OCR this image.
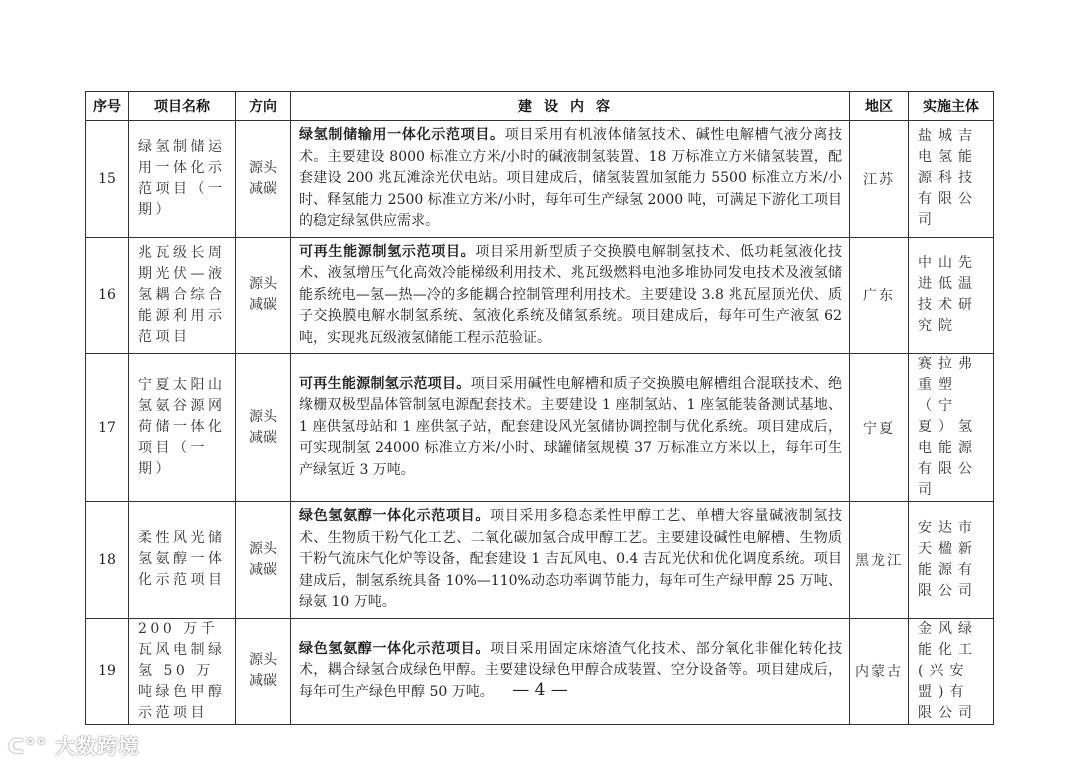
序号	项目名称	方向	建设内容	地区	实施主体
15	绿氢制储运用一体化示范项目（一期）	源头减碳	绿氢制储输用一体化示范项目。项目采用有机液体储氢技术、碱性电解槽气液分离技术。主要建设 8000 标准立方米/小时的碱液制氢装置、18 万标准立方米储氢装置，配套建设 200 兆瓦滩涂光伏电站。项目建成后，储氢装置加氢能力 5500 标准立方米/小时、释氢能力 2500 标准立方米/小时，每年可生产绿氢 2000 吨，可满足下游化工项目的稳定绿氢供应需求。	江苏	盐城吉电氢能源科技有限公司
16	兆瓦级长周期光伏—液氢耦合综合能源利用示范项目	源头减碳	可再生能源制氢示范项目。项目采用新型质子交换膜电解制氢技术、低功耗氢液化技术、液氢增压气化高效冷能梯级利用技术、兆瓦级燃料电池多堆协同发电技术及液氢储能系统电—氢—热—冷的多能耦合控制管理利用技术。主要建设 3.8 兆瓦屋顶光伏、质子交换膜电解水制氢系统、氢液化系统及储氢系统。项目建成后，每年可生产液氢 62 吨，实现兆瓦级液氢储能工程示范验证。	广东	中山先进低温技术研究院
17	宁夏太阳山氢氨谷源网荷储一体化项目（一期）	源头减碳	可再生能源制氢示范项目。项目采用碱性电解槽和质子交换膜电解槽组合混联技术、绝缘栅双极型晶体管制氢电源配套技术。主要建设 1 座制氢站、1 座氢能装备测试基地、1 座供氢母站和 1 座供氢子站，配套建设风光氢储协调控制与优化系统。项目建成后，可实现制氢 24000 标准立方米/小时、球罐储氢规模 37 万标准立方米以上，每年可生产绿氢近 3 万吨。	宁夏	赛拉弗重塑（宁夏）氢电能源有限公司
18	柔性风光储氢氨醇一体化示范项目	源头减碳	绿色氢氨醇一体化示范项目。项目采用多稳态柔性甲醇工艺、单槽大容量碱液制氢技术、生物质干粉气化工艺、二氧化碳加氢合成甲醇工艺。主要建设碱性电解槽、生物质干粉气流床气化炉等设备，配套建设 1 吉瓦风电、0.4 吉瓦光伏和优化调度系统。项目建成后，制氢系统具备 10%—110%动态功率调节能力，每年可生产绿甲醇 25 万吨、绿氨 10 万吨。	黑龙江	安达市天楹新能源有限公司
19	200 万千瓦风电制绿氢 50 万吨绿色甲醇示范项目	源头减碳	绿色氢氨醇一体化示范项目。项目采用固定床熔渣气化技术、部分氧化非催化转化技术，耦合绿氢合成绿色甲醇。主要建设绿色甲醇合成装置、空分设备等。项目建成后，每年可生产绿色甲醇 50 万吨。	内蒙古	金风绿能化工(兴安盟)有限公司
— 4 —
ᑕ°° 大数跨境
